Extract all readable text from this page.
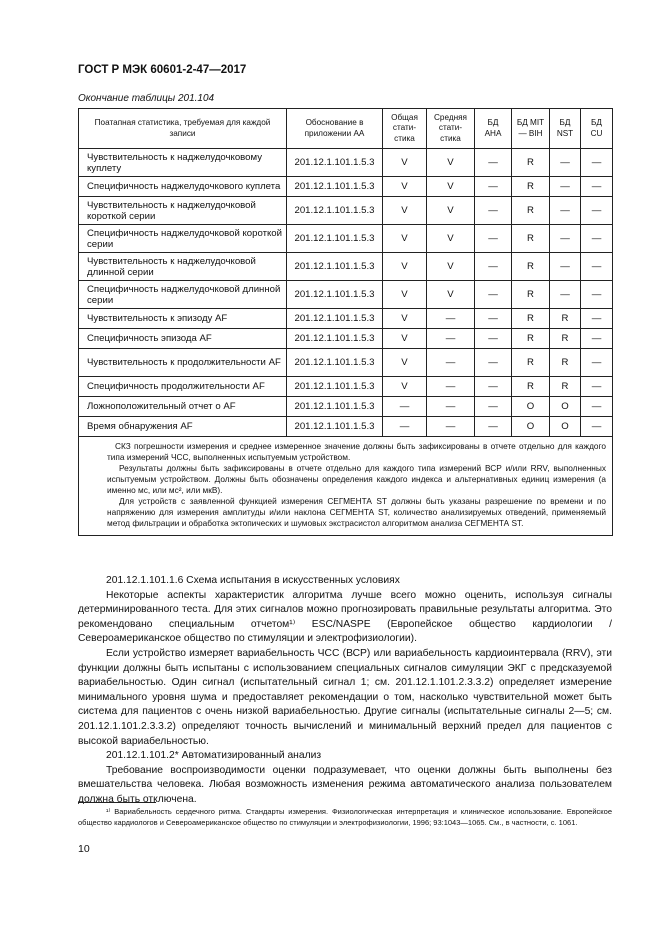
ГОСТ Р МЭК 60601-2-47—2017
Окончание таблицы 201.104
Поатапная статистика, требуемая для каждой записи	Обоснование в приложении АА	Общая стати-стика	Средняя стати-стика	БД АНА	БД MIT — BIH	БД NST	БД CU
Чувствительность к наджелудочковому куплету	201.12.1.101.1.5.3	V	V	—	R	—	—
Специфичность наджелудочкового куплета	201.12.1.101.1.5.3	V	V	—	R	—	—
Чувствительность к наджелудочковой короткой серии	201.12.1.101.1.5.3	V	V	—	R	—	—
Специфичность наджелудочковой короткой серии	201.12.1.101.1.5.3	V	V	—	R	—	—
Чувствительность к наджелудочковой длинной серии	201.12.1.101.1.5.3	V	V	—	R	—	—
Специфичность наджелудочковой длинной серии	201.12.1.101.1.5.3	V	V	—	R	—	—
Чувствительность к эпизоду AF	201.12.1.101.1.5.3	V	—	—	R	R	—
Специфичность эпизода AF	201.12.1.101.1.5.3	V	—	—	R	R	—
Чувствительность к продолжительности AF	201.12.1.101.1.5.3	V	—	—	R	R	—
Специфичность продолжительности AF	201.12.1.101.1.5.3	V	—	—	R	R	—
Ложноположительный отчет о AF	201.12.1.101.1.5.3	—	—	—	O	O	—
Время обнаружения AF	201.12.1.101.1.5.3	—	—	—	O	O	—

СКЗ погрешности измерения и среднее измеренное значение должны быть зафиксированы в отчете отдельно для каждого типа измерений ЧСС, выполненных испытуемым устройством.

Результаты должны быть зафиксированы в отчете отдельно для каждого типа измерений ВСР и/или RRV, выполненных испытуемым устройством. Должны быть обозначены определения каждого индекса и альтернативных единиц измерения (а именно мс, или мс², или мкВ).

Для устройств с заявленной функцией измерения СЕГМЕНТА ST должны быть указаны разрешение по времени и по напряжению для измерения амплитуды и/или наклона СЕГМЕНТА ST, количество анализируемых отведений, применяемый метод фильтрации и обработка эктопических и шумовых экстрасистол алгоритмом анализа СЕГМЕНТА ST.							

201.12.1.101.1.6 Схема испытания в искусственных условиях

Некоторые аспекты характеристик алгоритма лучше всего можно оценить, используя сигналы детерминированного теста. Для этих сигналов можно прогнозировать правильные результаты алгоритма. Это рекомендовано специальным отчетом¹⁾ ESC/NASPE (Европейское общество кардиологии / Североамериканское общество по стимуляции и электрофизиологии).

Если устройство измеряет вариабельность ЧСС (ВСР) или вариабельность кардиоинтервала (RRV), эти функции должны быть испытаны с использованием специальных сигналов симуляции ЭКГ с предсказуемой вариабельностью. Один сигнал (испытательный сигнал 1; см. 201.12.1.101.2.3.3.2) определяет измерение минимального уровня шума и предоставляет рекомендации о том, насколько чувствительной может быть система для пациентов с очень низкой вариабельностью. Другие сигналы (испытательные сигналы 2—5; см. 201.12.1.101.2.3.3.2) определяют точность вычислений и минимальный верхний предел для пациентов с высокой вариабельностью.

201.12.1.101.2* Автоматизированный анализ

Требование воспроизводимости оценки подразумевает, что оценки должны быть выполнены без вмешательства человека. Любая возможность изменения режима автоматического анализа пользователем должна быть отключена.

¹⁾ Вариабельность сердечного ритма. Стандарты измерения. Физиологическая интерпретация и клиническое использование. Европейское общество кардиологов и Североамериканское общество по стимуляции и электрофизиологии, 1996; 93:1043—1065. См., в частности, с. 1061.

10
